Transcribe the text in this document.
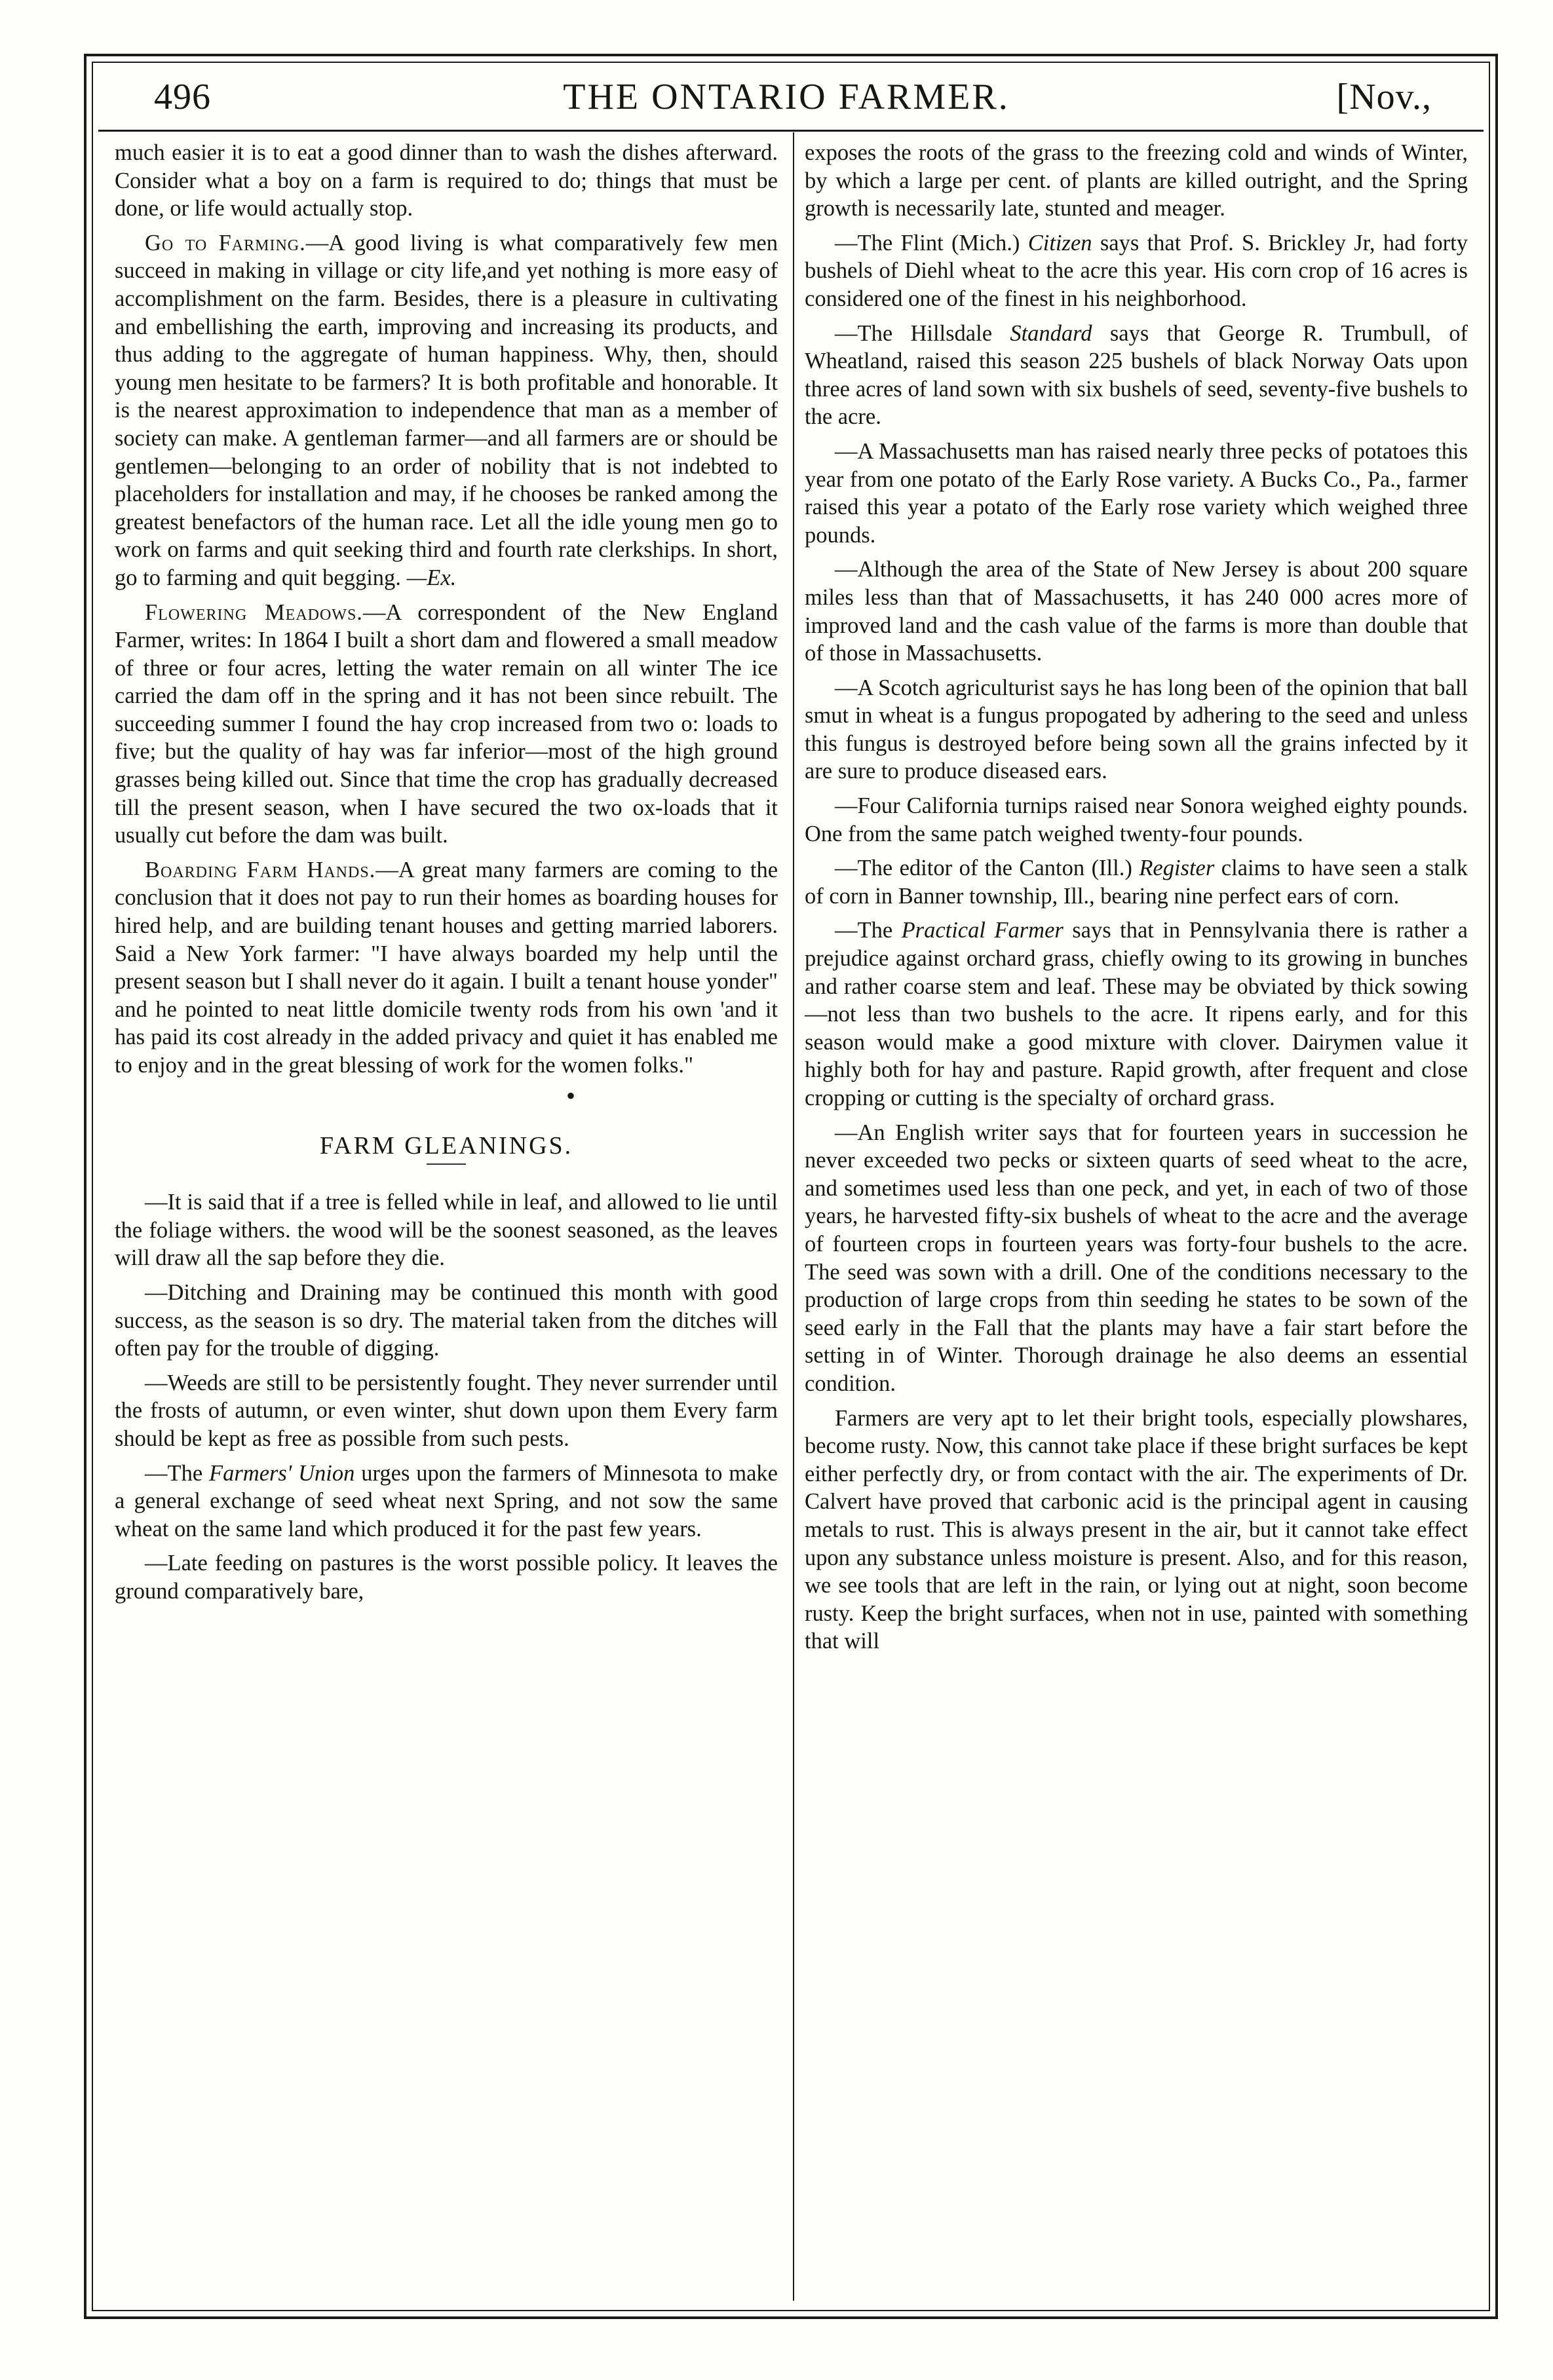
496	THE ONTARIO FARMER.	[Nov.,

much easier it is to eat a good dinner than to wash the dishes afterward. Consider what a boy on a farm is required to do; things that must be done, or life would actually stop.

Go to Farming.—A good living is what comparatively few men succeed in making in village or city life,and yet nothing is more easy of accomplishment on the farm. Besides, there is a pleasure in cultivating and embellishing the earth, improving and increasing its products, and thus adding to the aggregate of human happiness. Why, then, should young men hesitate to be farmers? It is both profitable and honorable. It is the nearest approximation to independence that man as a member of society can make. A gentleman farmer—and all farmers are or should be gentlemen—belonging to an order of nobility that is not indebted to placeholders for installation and may, if he chooses be ranked among the greatest benefactors of the human race. Let all the idle young men go to work on farms and quit seeking third and fourth rate clerkships. In short, go to farming and quit begging. —Ex.

Flowering Meadows.—A correspondent of the New England Farmer, writes: In 1864 I built a short dam and flowered a small meadow of three or four acres, letting the water remain on all winter The ice carried the dam off in the spring and it has not been since rebuilt. The succeeding summer I found the hay crop increased from two o: loads to five; but the quality of hay was far inferior—most of the high ground grasses being killed out. Since that time the crop has gradually decreased till the present season, when I have secured the two ox-loads that it usually cut before the dam was built.

Boarding Farm Hands.—A great many farmers are coming to the conclusion that it does not pay to run their homes as boarding houses for hired help, and are building tenant houses and getting married laborers. Said a New York farmer: "I have always boarded my help until the present season but I shall never do it again. I built a tenant house yonder" and he pointed to neat little domicile twenty rods from his own 'and it has paid its cost already in the added privacy and quiet it has enabled me to enjoy and in the great blessing of work for the women folks."

•
FARM GLEANINGS.

—It is said that if a tree is felled while in leaf, and allowed to lie until the foliage withers. the wood will be the soonest seasoned, as the leaves will draw all the sap before they die.

—Ditching and Draining may be continued this month with good success, as the season is so dry. The material taken from the ditches will often pay for the trouble of digging.

—Weeds are still to be persistently fought. They never surrender until the frosts of autumn, or even winter, shut down upon them Every farm should be kept as free as possible from such pests.

—The Farmers' Union urges upon the farmers of Minnesota to make a general exchange of seed wheat next Spring, and not sow the same wheat on the same land which produced it for the past few years.

—Late feeding on pastures is the worst possible policy. It leaves the ground comparatively bare,

exposes the roots of the grass to the freezing cold and winds of Winter, by which a large per cent. of plants are killed outright, and the Spring growth is necessarily late, stunted and meager.

—The Flint (Mich.) Citizen says that Prof. S. Brickley Jr, had forty bushels of Diehl wheat to the acre this year. His corn crop of 16 acres is considered one of the finest in his neighborhood.

—The Hillsdale Standard says that George R. Trumbull, of Wheatland, raised this season 225 bushels of black Norway Oats upon three acres of land sown with six bushels of seed, seventy-five bushels to the acre.

—A Massachusetts man has raised nearly three pecks of potatoes this year from one potato of the Early Rose variety. A Bucks Co., Pa., farmer raised this year a potato of the Early rose variety which weighed three pounds.

—Although the area of the State of New Jersey is about 200 square miles less than that of Massachusetts, it has 240 000 acres more of improved land and the cash value of the farms is more than double that of those in Massachusetts.

—A Scotch agriculturist says he has long been of the opinion that ball smut in wheat is a fungus propogated by adhering to the seed and unless this fungus is destroyed before being sown all the grains infected by it are sure to produce diseased ears.

—Four California turnips raised near Sonora weighed eighty pounds. One from the same patch weighed twenty-four pounds.

—The editor of the Canton (Ill.) Register claims to have seen a stalk of corn in Banner township, Ill., bearing nine perfect ears of corn.

—The Practical Farmer says that in Pennsylvania there is rather a prejudice against orchard grass, chiefly owing to its growing in bunches and rather coarse stem and leaf. These may be obviated by thick sowing—not less than two bushels to the acre. It ripens early, and for this season would make a good mixture with clover. Dairymen value it highly both for hay and pasture. Rapid growth, after frequent and close cropping or cutting is the specialty of orchard grass.

—An English writer says that for fourteen years in succession he never exceeded two pecks or sixteen quarts of seed wheat to the acre, and sometimes used less than one peck, and yet, in each of two of those years, he harvested fifty-six bushels of wheat to the acre and the average of fourteen crops in fourteen years was forty-four bushels to the acre. The seed was sown with a drill. One of the conditions necessary to the production of large crops from thin seeding he states to be sown of the seed early in the Fall that the plants may have a fair start before the setting in of Winter. Thorough drainage he also deems an essential condition.

Farmers are very apt to let their bright tools, especially plowshares, become rusty. Now, this cannot take place if these bright surfaces be kept either perfectly dry, or from contact with the air. The experiments of Dr. Calvert have proved that carbonic acid is the principal agent in causing metals to rust. This is always present in the air, but it cannot take effect upon any substance unless moisture is present. Also, and for this reason, we see tools that are left in the rain, or lying out at night, soon become rusty. Keep the bright surfaces, when not in use, painted with something that will
